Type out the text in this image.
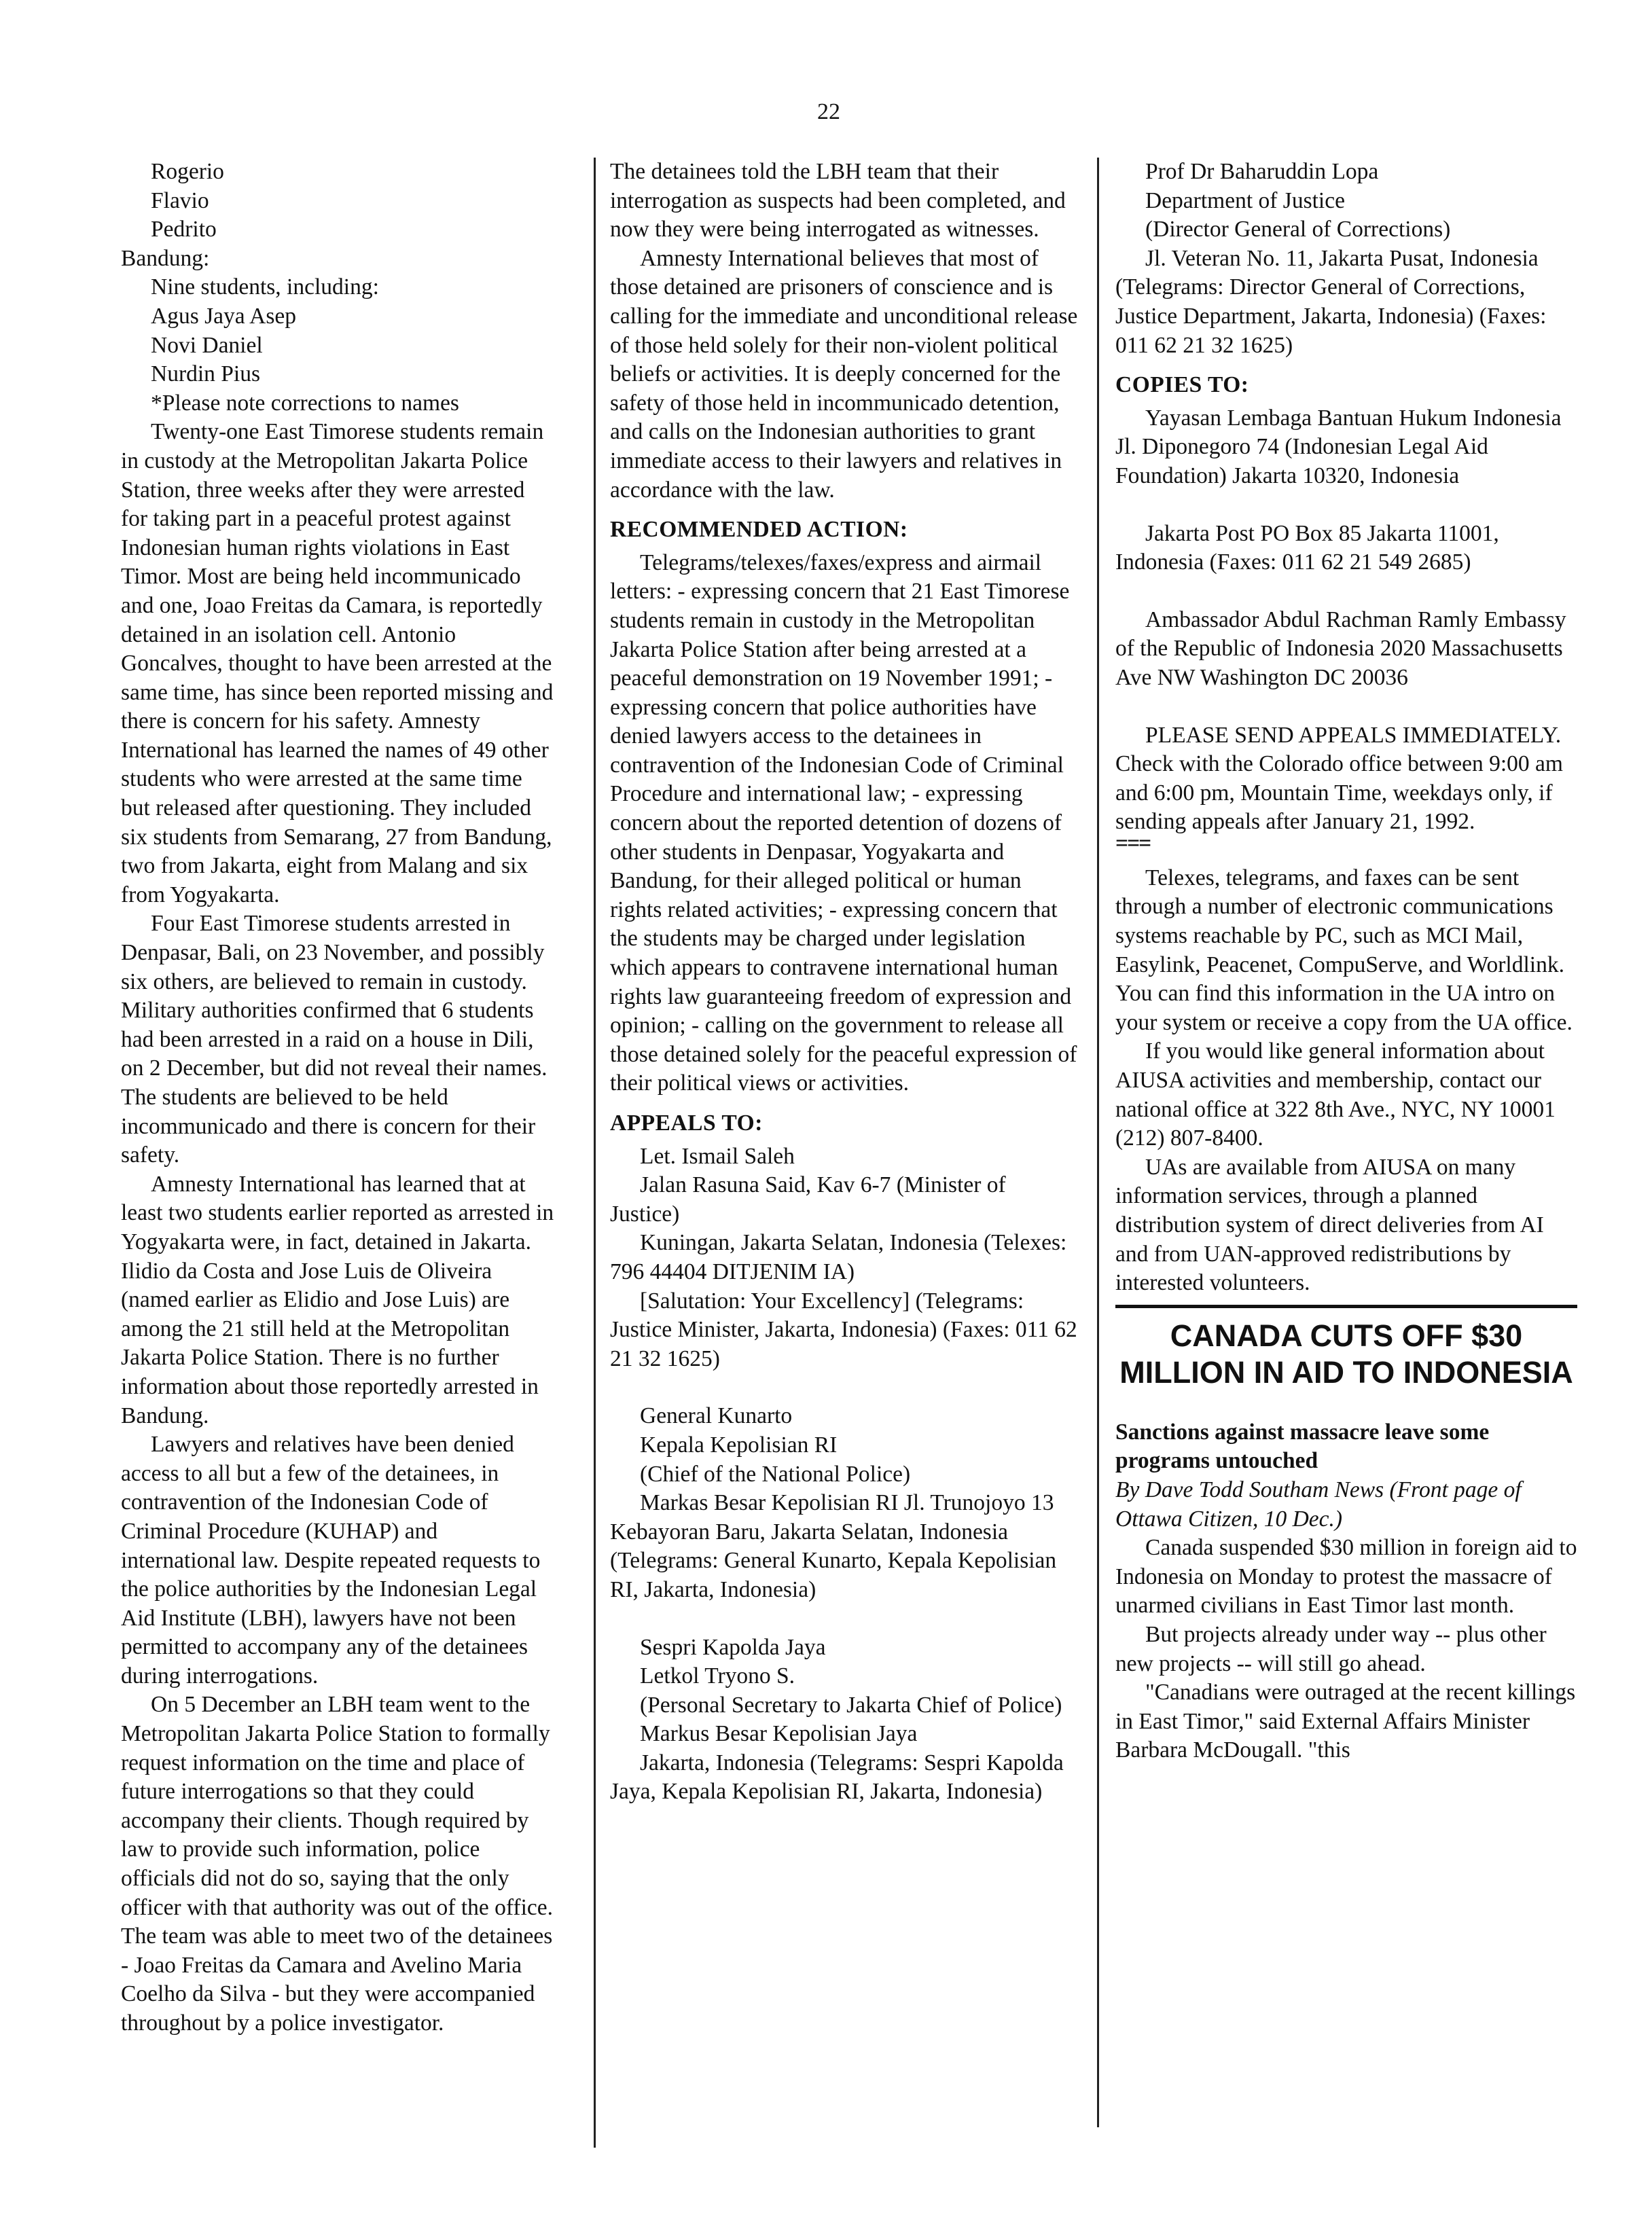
22

Rogerio

Flavio

Pedrito

Bandung:

Nine students, including:

Agus Jaya Asep

Novi Daniel

Nurdin Pius

*Please note corrections to names

Twenty-one East Timorese students remain in custody at the Metropolitan Jakarta Police Station, three weeks after they were arrested for taking part in a peaceful protest against Indonesian human rights violations in East Timor. Most are being held incommunicado and one, Joao Freitas da Camara, is reportedly detained in an isolation cell. Antonio Goncalves, thought to have been arrested at the same time, has since been reported missing and there is concern for his safety. Amnesty International has learned the names of 49 other students who were arrested at the same time but released after questioning. They included six students from Semarang, 27 from Bandung, two from Jakarta, eight from Malang and six from Yogyakarta.

Four East Timorese students arrested in Denpasar, Bali, on 23 November, and possibly six others, are believed to remain in custody. Military authorities confirmed that 6 students had been arrested in a raid on a house in Dili, on 2 December, but did not reveal their names. The students are believed to be held incommunicado and there is concern for their safety.

Amnesty International has learned that at least two students earlier reported as arrested in Yogyakarta were, in fact, detained in Jakarta. Ilidio da Costa and Jose Luis de Oliveira (named earlier as Elidio and Jose Luis) are among the 21 still held at the Metropolitan Jakarta Police Station. There is no further information about those reportedly arrested in Bandung.

Lawyers and relatives have been denied access to all but a few of the detainees, in contravention of the Indonesian Code of Criminal Procedure (KUHAP) and international law. Despite repeated requests to the police authorities by the Indonesian Legal Aid Institute (LBH), lawyers have not been permitted to accompany any of the detainees during interrogations.

On 5 December an LBH team went to the Metropolitan Jakarta Police Station to formally request information on the time and place of future interrogations so that they could accompany their clients. Though required by law to provide such information, police officials did not do so, saying that the only officer with that authority was out of the office. The team was able to meet two of the detainees - Joao Freitas da Camara and Avelino Maria Coelho da Silva - but they were accompanied throughout by a police investigator.

The detainees told the LBH team that their interrogation as suspects had been completed, and now they were being interrogated as witnesses.

Amnesty International believes that most of those detained are prisoners of conscience and is calling for the immediate and unconditional release of those held solely for their non-violent political beliefs or activities. It is deeply concerned for the safety of those held in incommunicado detention, and calls on the Indonesian authorities to grant immediate access to their lawyers and relatives in accordance with the law.

RECOMMENDED ACTION:

Telegrams/telexes/faxes/express and airmail letters: - expressing concern that 21 East Timorese students remain in custody in the Metropolitan Jakarta Police Station after being arrested at a peaceful demonstration on 19 November 1991; - expressing concern that police authorities have denied lawyers access to the detainees in contravention of the Indonesian Code of Criminal Procedure and international law; - expressing concern about the reported detention of dozens of other students in Denpasar, Yogyakarta and Bandung, for their alleged political or human rights related activities; - expressing concern that the students may be charged under legislation which appears to contravene international human rights law guaranteeing freedom of expression and opinion; - calling on the government to release all those detained solely for the peaceful expression of their political views or activities.

APPEALS TO:

Let. Ismail Saleh

Jalan Rasuna Said, Kav 6-7 (Minister of Justice)

Kuningan, Jakarta Selatan, Indonesia (Telexes: 796 44404 DITJENIM IA)

[Salutation: Your Excellency] (Telegrams: Justice Minister, Jakarta, Indonesia) (Faxes: 011 62 21 32 1625)

General Kunarto

Kepala Kepolisian RI

(Chief of the National Police)

Markas Besar Kepolisian RI Jl. Trunojoyo 13 Kebayoran Baru, Jakarta Selatan, Indonesia (Telegrams: General Kunarto, Kepala Kepolisian RI, Jakarta, Indonesia)

Sespri Kapolda Jaya

Letkol Tryono S.

(Personal Secretary to Jakarta Chief of Police)

Markus Besar Kepolisian Jaya

Jakarta, Indonesia (Telegrams: Sespri Kapolda Jaya, Kepala Kepolisian RI, Jakarta, Indonesia)

Prof Dr Baharuddin Lopa

Department of Justice

(Director General of Corrections)

Jl. Veteran No. 11, Jakarta Pusat, Indonesia (Telegrams: Director General of Corrections, Justice Department, Jakarta, Indonesia) (Faxes: 011 62 21 32 1625)

COPIES TO:

Yayasan Lembaga Bantuan Hukum Indonesia Jl. Diponegoro 74 (Indonesian Legal Aid Foundation) Jakarta 10320, Indonesia

Jakarta Post PO Box 85 Jakarta 11001, Indonesia (Faxes: 011 62 21 549 2685)

Ambassador Abdul Rachman Ramly Embassy of the Republic of Indonesia 2020 Massachusetts Ave NW Washington DC 20036

PLEASE SEND APPEALS IMMEDIATELY. Check with the Colorado office between 9:00 am and 6:00 pm, Mountain Time, weekdays only, if sending appeals after January 21, 1992.

===

Telexes, telegrams, and faxes can be sent through a number of electronic communications systems reachable by PC, such as MCI Mail, Easylink, Peacenet, CompuServe, and Worldlink. You can find this information in the UA intro on your system or receive a copy from the UA office.

If you would like general information about AIUSA activities and membership, contact our national office at 322 8th Ave., NYC, NY 10001 (212) 807-8400.

UAs are available from AIUSA on many information services, through a planned distribution system of direct deliveries from AI and from UAN-approved redistributions by interested volunteers.

CANADA CUTS OFF $30 MILLION IN AID TO INDONESIA

Sanctions against massacre leave some programs untouched

By Dave Todd Southam News (Front page of Ottawa Citizen, 10 Dec.)

Canada suspended $30 million in foreign aid to Indonesia on Monday to protest the massacre of unarmed civilians in East Timor last month.

But projects already under way -- plus other new projects -- will still go ahead.

"Canadians were outraged at the recent killings in East Timor," said External Affairs Minister Barbara McDougall. "this
